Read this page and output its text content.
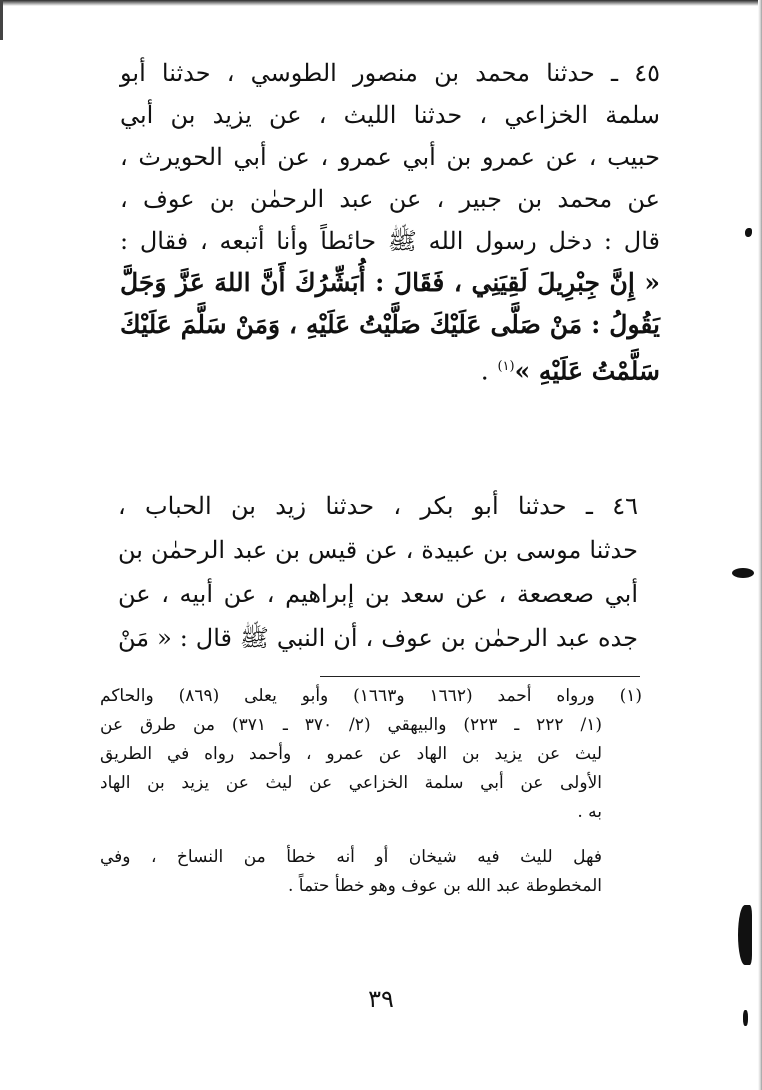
٤٥ ـ حدثنا محمد بن منصور الطوسي ، حدثنا أبو
سلمة الخزاعي ، حدثنا الليث ، عن يزيد بن أبي
حبيب ، عن عمرو بن أبي عمرو ، عن أبي الحويرث ،
عن محمد بن جبير ، عن عبد الرحمٰن بن عوف ،
قال : دخل رسول الله ﷺ حائطاً وأنا أتبعه ، فقال :
« إِنَّ جِبْرِيلَ لَقِيَنِي ، فَقَالَ : أُبَشِّرُكَ أَنَّ اللهَ عَزَّ وَجَلَّ
يَقُولُ : مَنْ صَلَّى عَلَيْكَ صَلَّيْتُ عَلَيْهِ ، وَمَنْ سَلَّمَ عَلَيْكَ
سَلَّمْتُ عَلَيْهِ »$^{(١)}$ .
٤٦ ـ حدثنا أبو بكر ، حدثنا زيد بن الحباب ،
حدثنا موسى بن عبيدة ، عن قيس بن عبد الرحمٰن بن
أبي صعصعة ، عن سعد بن إبراهيم ، عن أبيه ، عن
جده عبد الرحمٰن بن عوف ، أن النبي ﷺ قال : « مَنْ
(١) ورواه أحمد (١٦٦٢ و١٦٦٣) وأبو يعلى (٨٦٩) والحاكم
(١/ ٢٢٢ ـ ٢٢٣) والبيهقي (٢/ ٣٧٠ ـ ٣٧١) من طرق عن
ليث عن يزيد بن الهاد عن عمرو ، وأحمد رواه في الطريق
الأولى عن أبي سلمة الخزاعي عن ليث عن يزيد بن الهاد
به .
فهل لليث فيه شيخان أو أنه خطأ من النساخ ، وفي
المخطوطة عبد الله بن عوف وهو خطأ حتماً .
٣٩
